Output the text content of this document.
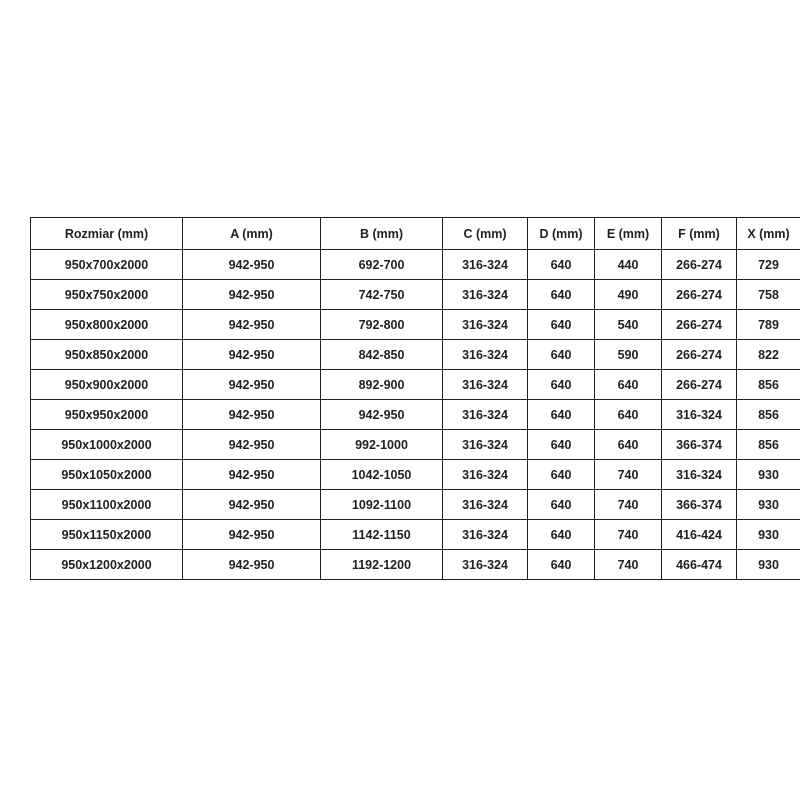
Rozmiar (mm)	A (mm)	B (mm)	C (mm)	D (mm)	E (mm)	F (mm)	X (mm)
950x700x2000	942-950	692-700	316-324	640	440	266-274	729
950x750x2000	942-950	742-750	316-324	640	490	266-274	758
950x800x2000	942-950	792-800	316-324	640	540	266-274	789
950x850x2000	942-950	842-850	316-324	640	590	266-274	822
950x900x2000	942-950	892-900	316-324	640	640	266-274	856
950x950x2000	942-950	942-950	316-324	640	640	316-324	856
950x1000x2000	942-950	992-1000	316-324	640	640	366-374	856
950x1050x2000	942-950	1042-1050	316-324	640	740	316-324	930
950x1100x2000	942-950	1092-1100	316-324	640	740	366-374	930
950x1150x2000	942-950	1142-1150	316-324	640	740	416-424	930
950x1200x2000	942-950	1192-1200	316-324	640	740	466-474	930
